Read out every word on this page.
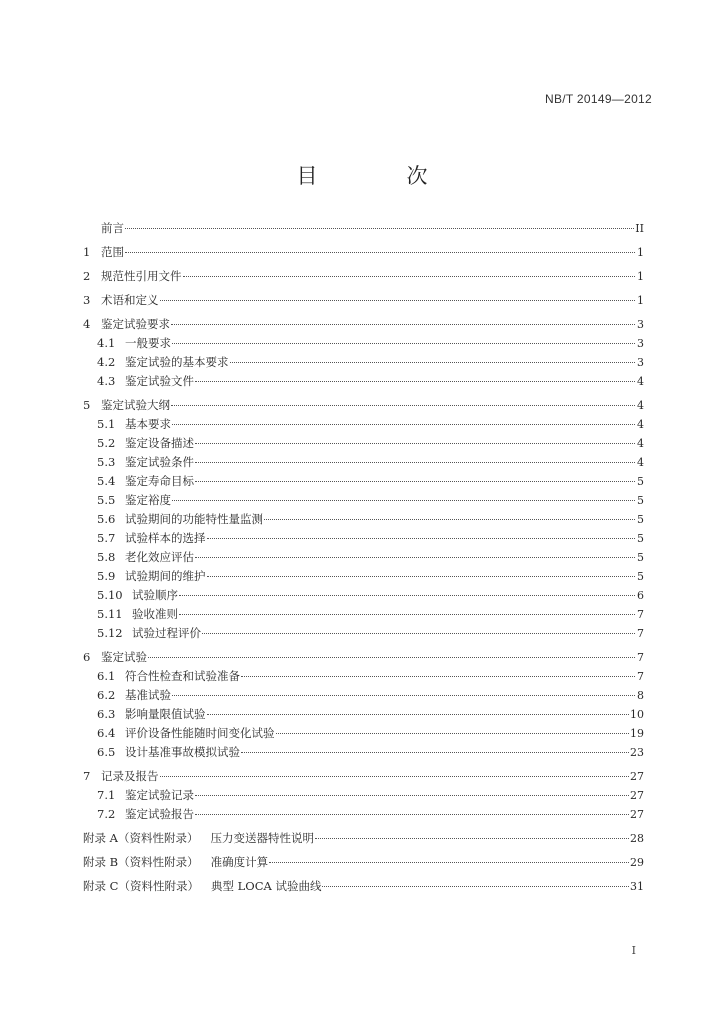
NB/T 20149—2012
目　次
前言	II
1 范围	1
2 规范性引用文件	1
3 术语和定义	1
4 鉴定试验要求	3
4.1 一般要求	3
4.2 鉴定试验的基本要求	3
4.3 鉴定试验文件	4
5 鉴定试验大纲	4
5.1 基本要求	4
5.2 鉴定设备描述	4
5.3 鉴定试验条件	4
5.4 鉴定寿命目标	5
5.5 鉴定裕度	5
5.6 试验期间的功能特性量监测	5
5.7 试验样本的选择	5
5.8 老化效应评估	5
5.9 试验期间的维护	5
5.10 试验顺序	6
5.11 验收准则	7
5.12 试验过程评价	7
6 鉴定试验	7
6.1 符合性检查和试验准备	7
6.2 基准试验	8
6.3 影响量限值试验	10
6.4 评价设备性能随时间变化试验	19
6.5 设计基准事故模拟试验	23
7 记录及报告	27
7.1 鉴定试验记录	27
7.2 鉴定试验报告	27
附录 A（资料性附录） 压力变送器特性说明	28
附录 B（资料性附录） 准确度计算	29
附录 C（资料性附录） 典型 LOCA 试验曲线	31
I
